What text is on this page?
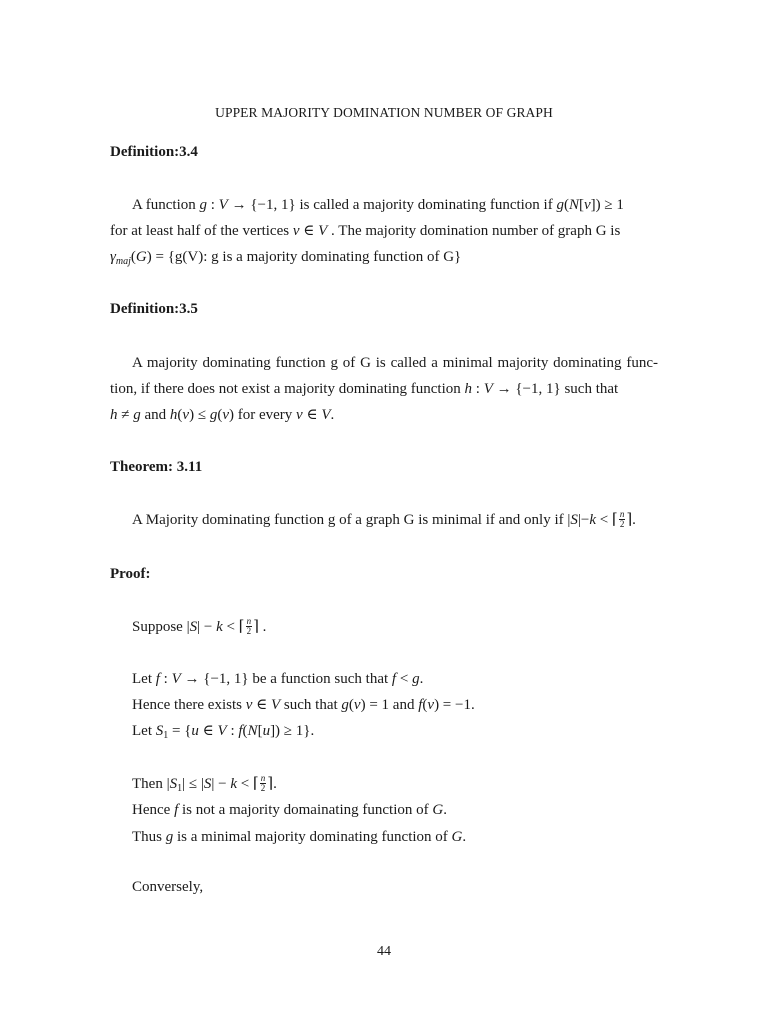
UPPER MAJORITY DOMINATION NUMBER OF GRAPH
Definition:3.4
A function g : V → {−1, 1} is called a majority dominating function if g(N[v]) ≥ 1
for at least half of the vertices v ∈ V . The majority domination number of graph G is
$\gamma_{maj}(G) = \{g(V)$: g is a majority dominating function of G}
Definition:3.5
A majority dominating function g of G is called a minimal majority dominating func-
tion, if there does not exist a majority dominating function h : V → {−1, 1} such that
h ≠ g and h(v) ≤ g(v) for every v ∈ V.
Theorem: 3.11
A Majority dominating function g of a graph G is minimal if and only if |S|−k < ⌈ $\frac{n}{2}$ ⌉.
Proof:
Suppose |S| − k < ⌈ $\frac{n}{2}$ ⌉ .
Let f : V → {−1, 1} be a function such that f < g.
Hence there exists v ∈ V such that g(v) = 1 and f(v) = −1.
Let $S_1 = \{u$ ∈ V : f(N[u]) ≥ 1}.
Then $|S_1| \le |S| - k$ < ⌈ $\frac{n}{2}$ ⌉.
Hence f is not a majority domainating function of G.
Thus g is a minimal majority dominating function of G.
Conversely,
44
